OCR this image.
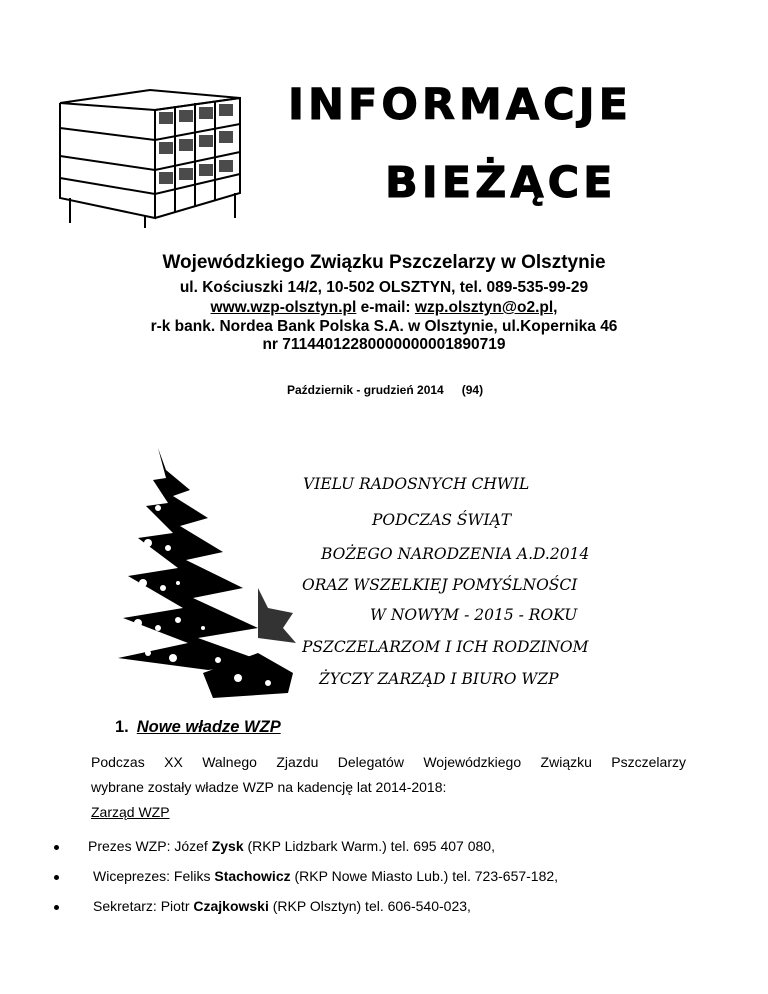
INFORMACJE
BIEŻĄCE
Wojewódzkiego Związku Pszczelarzy w Olsztynie
ul. Kościuszki 14/2, 10-502 OLSZTYN, tel. 089-535-99-29
www.wzp-olsztyn.pl e-mail: wzp.olsztyn@o2.pl,
r-k bank. Nordea Bank Polska S.A. w Olsztynie, ul.Kopernika 46
nr 71144012280000000001890719
Październik - grudzień 2014 (94)
VIELU RADOSNYCH CHWIL
PODCZAS ŚWIĄT
BOŻEGO NARODZENIA A.D.2014
ORAZ WSZELKIEJ POMYŚLNOŚCI
W NOWYM - 2015 - ROKU
PSZCZELARZOM I ICH RODZINOM
ŻYCZY ZARZĄD I BIURO WZP
1. Nowe władze WZP
Podczas XX Walnego Zjazdu Delegatów Wojewódzkiego Związku Pszczelarzy
wybrane zostały władze WZP na kadencję lat 2014-2018:
Zarząd WZP
Prezes WZP: Józef Zysk (RKP Lidzbark Warm.) tel. 695 407 080,
Wiceprezes: Feliks Stachowicz (RKP Nowe Miasto Lub.) tel. 723-657-182,
Sekretarz: Piotr Czajkowski (RKP Olsztyn) tel. 606-540-023,
